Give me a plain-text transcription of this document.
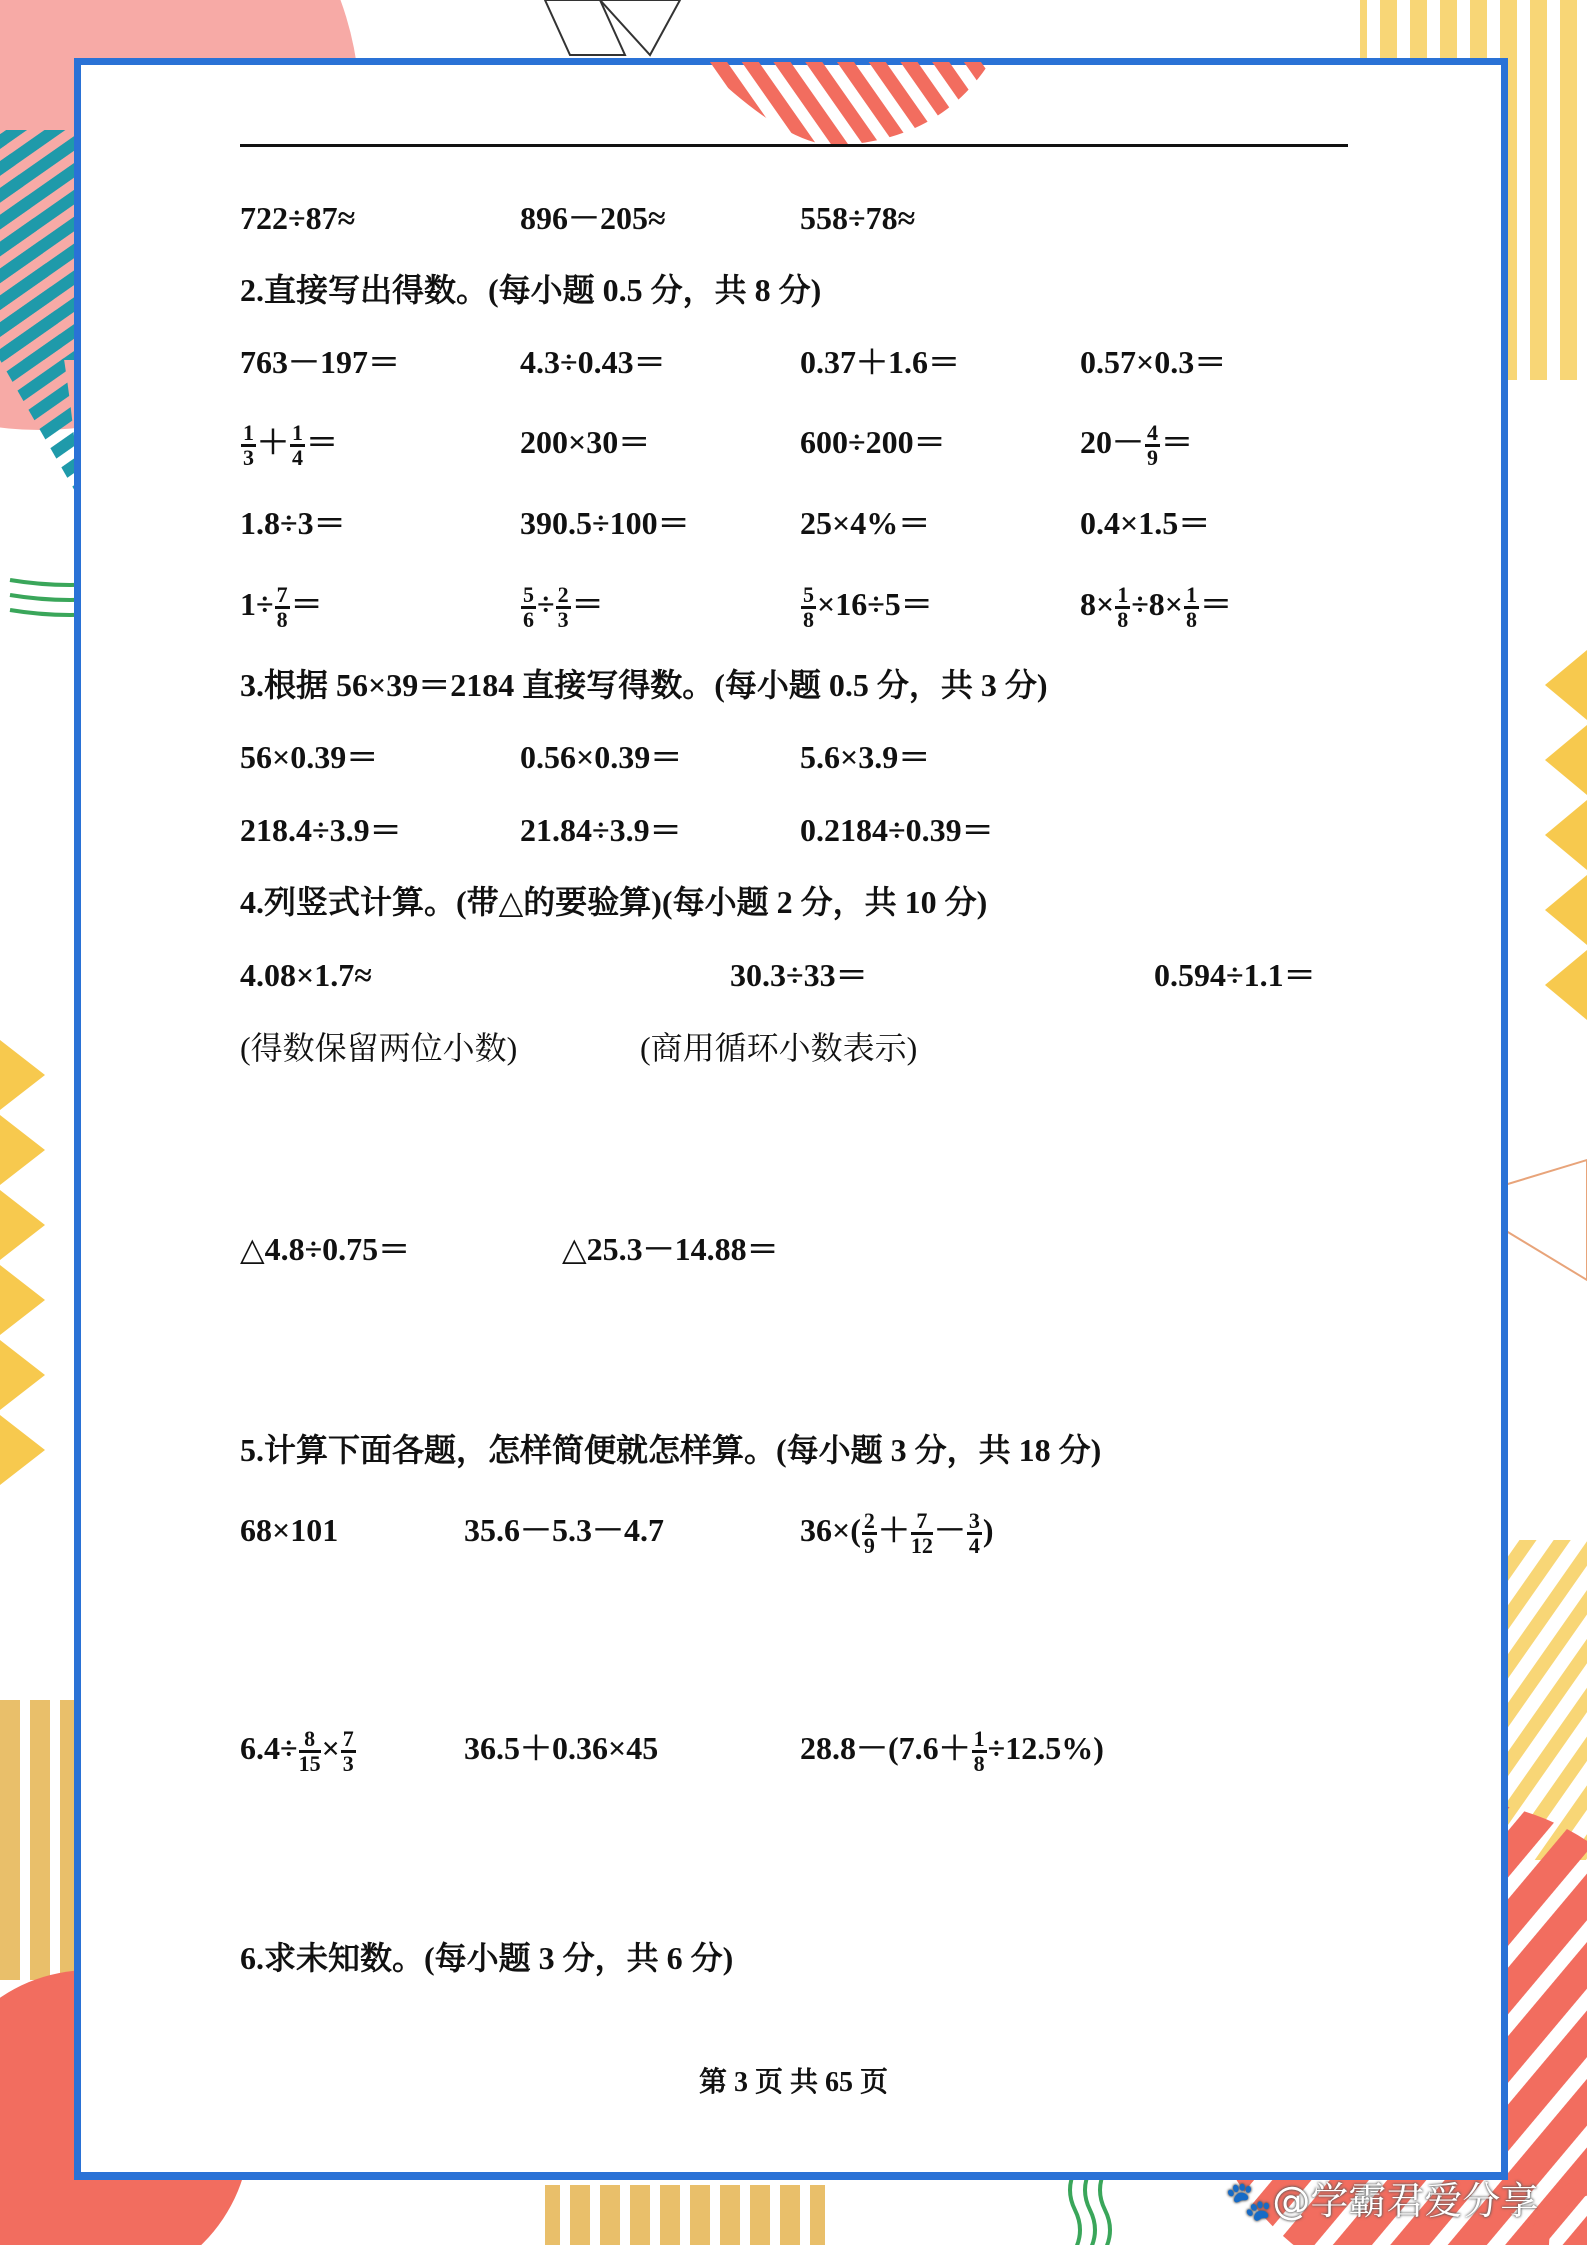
722÷87≈	896－205≈	558÷78≈
2.直接写出得数。(每小题 0.5 分，共 8 分)
763－197＝	4.3÷0.43＝	0.37＋1.6＝	0.57×0.3＝
$\frac{1}{3} + \frac{1}{4}$ ＝	200×30＝	600÷200＝	$20- \frac{4}{9}$ ＝
1.8÷3＝	390.5÷100＝	25×4%＝	0.4×1.5＝
$1\div \frac{7}{8}$ ＝	$\frac{5}{6} \div \frac{2}{3}$ ＝	$\frac{5}{8} \times 16\div 5=$	$8\times \frac{1}{8} \div 8\times \frac{1}{8}$ ＝
3.根据 56×39＝2184 直接写得数。(每小题 0.5 分，共 3 分)
56×0.39＝	0.56×0.39＝	5.6×3.9＝
218.4÷3.9＝	21.84÷3.9＝	0.2184÷0.39＝
4.列竖式计算。(带△的要验算)(每小题 2 分，共 10 分)
4.08×1.7≈	30.3÷33＝	0.594÷1.1＝
(得数保留两位小数)	(商用循环小数表示)
△4.8÷0.75＝	△25.3－14.88＝
5.计算下面各题，怎样简便就怎样算。(每小题 3 分，共 18 分)
68×101	35.6－5.3－4.7	$36\times( \frac{2}{9} + \frac{7}{12} - \frac{3}{4}$ )
$6.4\div \frac{8}{15} \times \frac{7}{3}$	36.5＋0.36×45	$28.8-(7.6+ \frac{1}{8} \div 12.5\%)$
6.求未知数。(每小题 3 分，共 6 分)
第 3 页 共 65 页
🐾@学霸君爱分享
